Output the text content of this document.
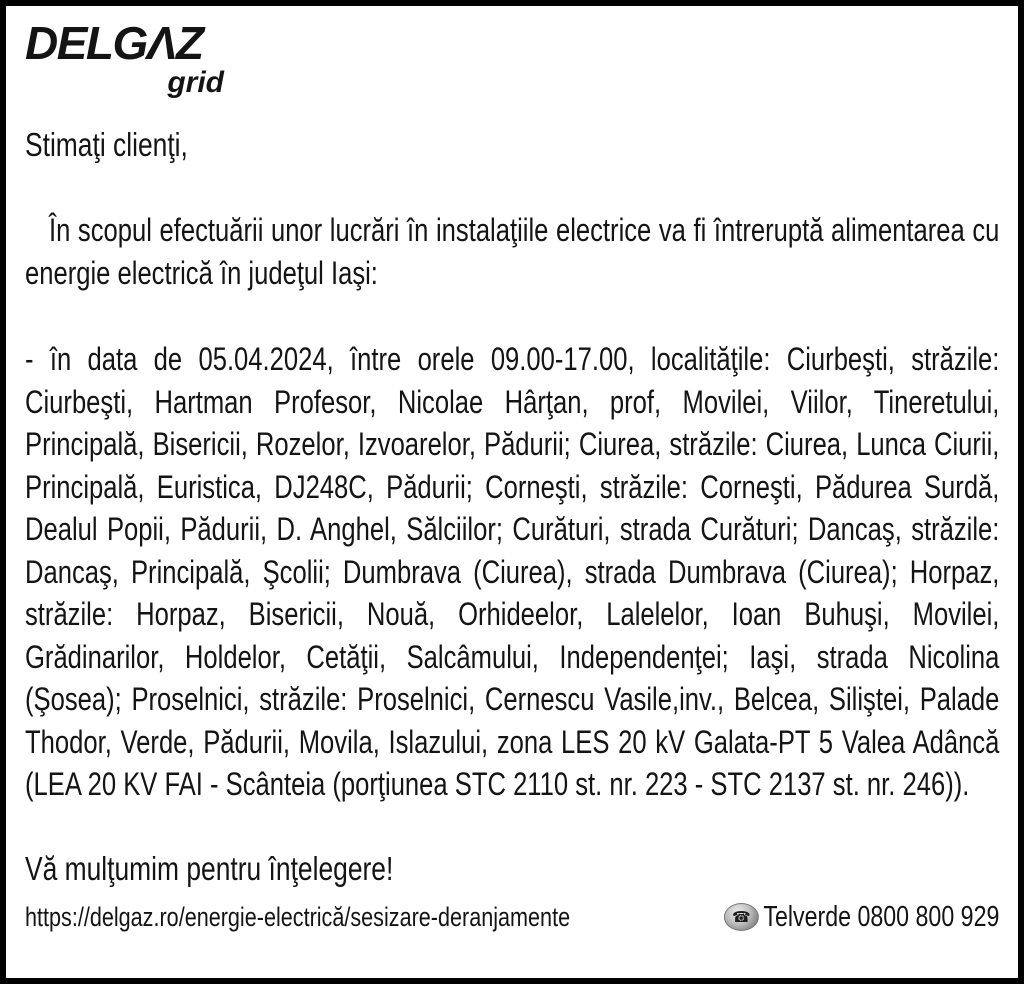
DELGΛZ
grid

Stimaţi clienţi,

În scopul efectuării unor lucrări în instalaţiile electrice va fi întreruptă alimentarea cu energie electrică în judeţul Iaşi:

- în data de 05.04.2024, între orele 09.00-17.00, localităţile: Ciurbeşti, străzile: Ciurbeşti, Hartman Profesor, Nicolae Hârţan, prof, Movilei, Viilor, Tineretului, Principală, Bisericii, Rozelor, Izvoarelor, Pădurii; Ciurea, străzile: Ciurea, Lunca Ciurii, Principală, Euristica, DJ248C, Pădurii; Corneşti, străzile: Corneşti, Pădurea Surdă, Dealul Popii, Pădurii, D. Anghel, Sălciilor; Curături, strada Curături; Dancaş, străzile: Dancaş, Principală, Şcolii; Dumbrava (Ciurea), strada Dumbrava (Ciurea); Horpaz, străzile: Horpaz, Bisericii, Nouă, Orhideelor, Lalelelor, Ioan Buhuşi, Movilei, Grădinarilor, Holdelor, Cetăţii, Salcâmului, Independenţei; Iaşi, strada Nicolina (Şosea); Proselnici, străzile: Proselnici, Cernescu Vasile,inv., Belcea, Siliştei, Palade Thodor, Verde, Pădurii, Movila, Islazului, zona LES 20 kV Galata-PT 5 Valea Adâncă (LEA 20 KV FAI - Scânteia (porţiunea STC 2110 st. nr. 223 - STC 2137 st. nr. 246)).

Vă mulţumim pentru înţelegere!

https://delgaz.ro/energie-electrică/sesizare-deranjamente	☎ Telverde 0800 800 929
